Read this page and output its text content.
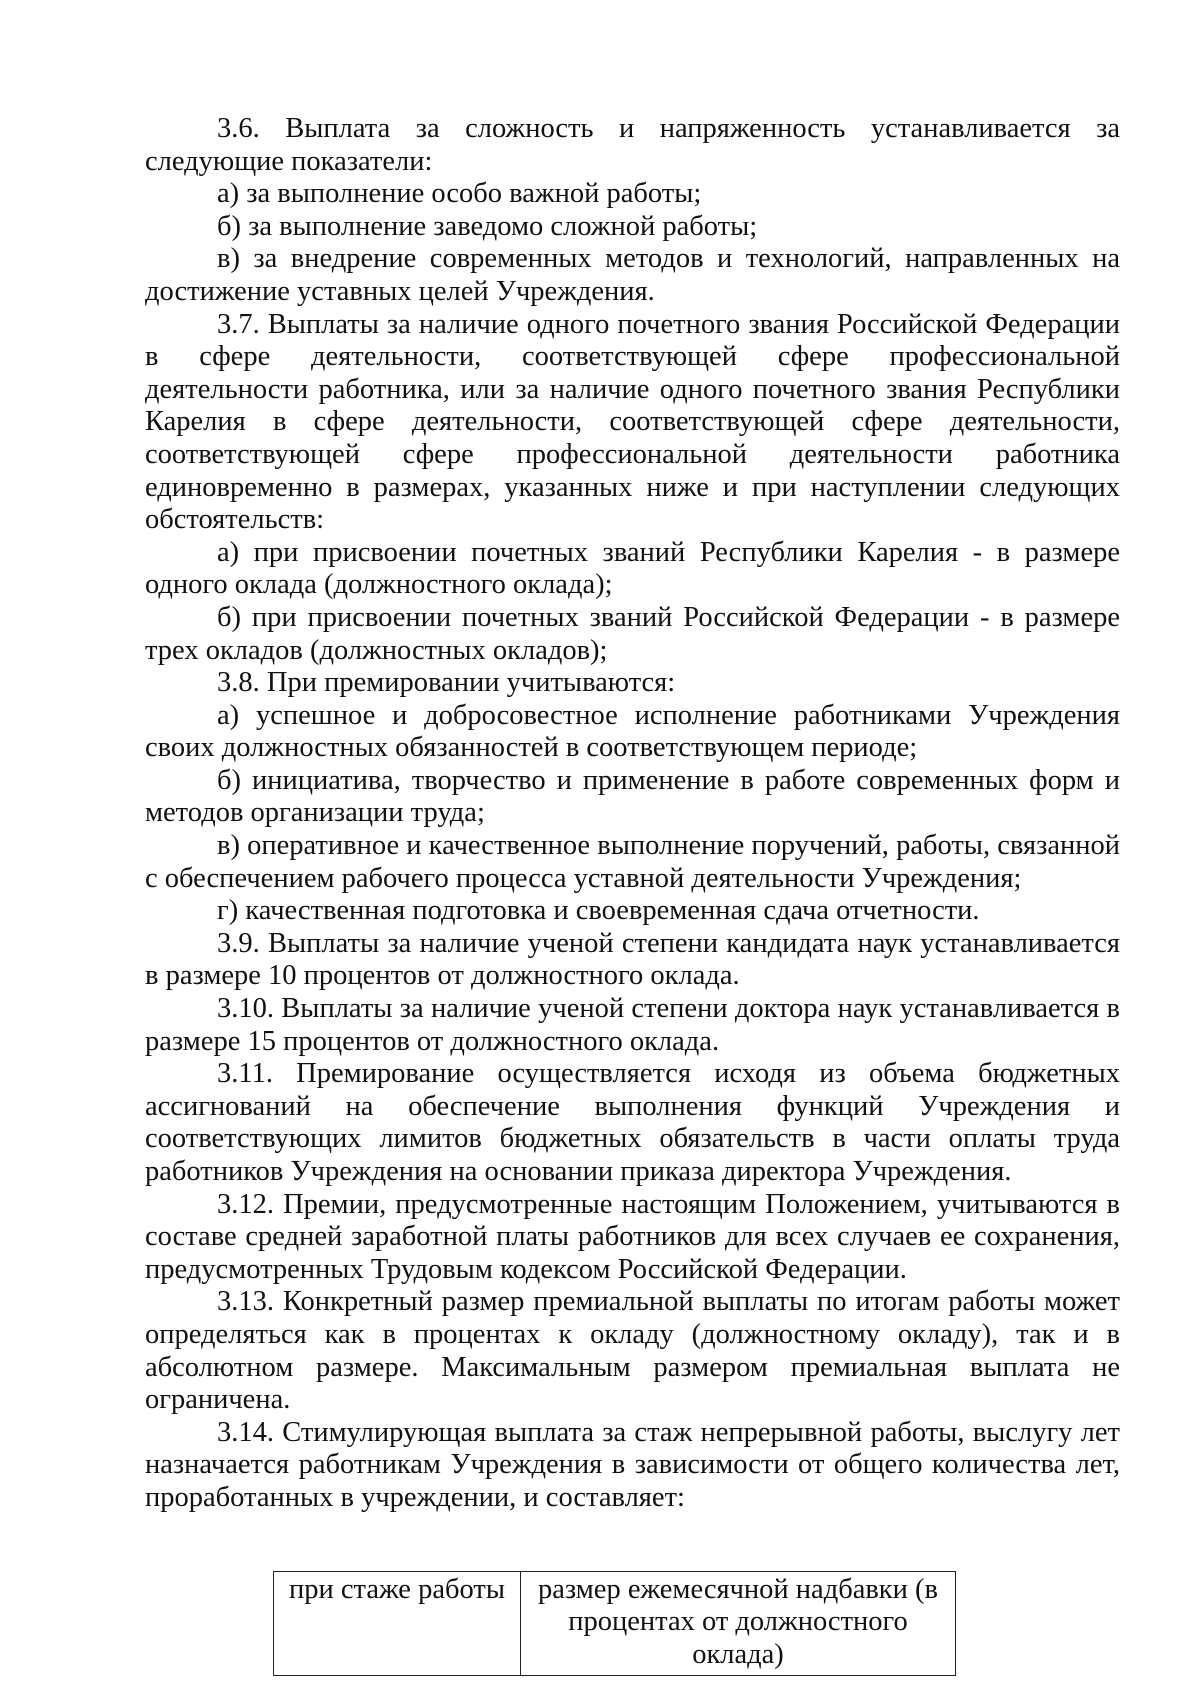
3.6. Выплата за сложность и напряженность устанавливается за следующие показатели:

а) за выполнение особо важной работы;

б) за выполнение заведомо сложной работы;

в) за внедрение современных методов и технологий, направленных на достижение уставных целей Учреждения.

3.7. Выплаты за наличие одного почетного звания Российской Федерации в сфере деятельности, соответствующей сфере профессиональной деятельности работника, или за наличие одного почетного звания Республики Карелия в сфере деятельности, соответствующей сфере деятельности, соответствующей сфере профессиональной деятельности работника единовременно в размерах, указанных ниже и при наступлении следующих обстоятельств:

а) при присвоении почетных званий Республики Карелия - в размере одного оклада (должностного оклада);

б) при присвоении почетных званий Российской Федерации - в размере трех окладов (должностных окладов);

3.8. При премировании учитываются:

а) успешное и добросовестное исполнение работниками Учреждения своих должностных обязанностей в соответствующем периоде;

б) инициатива, творчество и применение в работе современных форм и методов организации труда;

в) оперативное и качественное выполнение поручений, работы, связанной с обеспечением рабочего процесса уставной деятельности Учреждения;

г) качественная подготовка и своевременная сдача отчетности.

3.9. Выплаты за наличие ученой степени кандидата наук устанавливается в размере 10 процентов от должностного оклада.

3.10. Выплаты за наличие ученой степени доктора наук устанавливается в размере 15 процентов от должностного оклада.

3.11. Премирование осуществляется исходя из объема бюджетных ассигнований на обеспечение выполнения функций Учреждения и соответствующих лимитов бюджетных обязательств в части оплаты труда работников Учреждения на основании приказа директора Учреждения.

3.12. Премии, предусмотренные настоящим Положением, учитываются в составе средней заработной платы работников для всех случаев ее сохранения, предусмотренных Трудовым кодексом Российской Федерации.

3.13. Конкретный размер премиальной выплаты по итогам работы может определяться как в процентах к окладу (должностному окладу), так и в абсолютном размере. Максимальным размером премиальная выплата не ограничена.

3.14. Стимулирующая выплата за стаж непрерывной работы, выслугу лет назначается работникам Учреждения в зависимости от общего количества лет, проработанных в учреждении, и составляет:

при стаже работы	размер ежемесячной надбавки (в процентах от должностного оклада)
